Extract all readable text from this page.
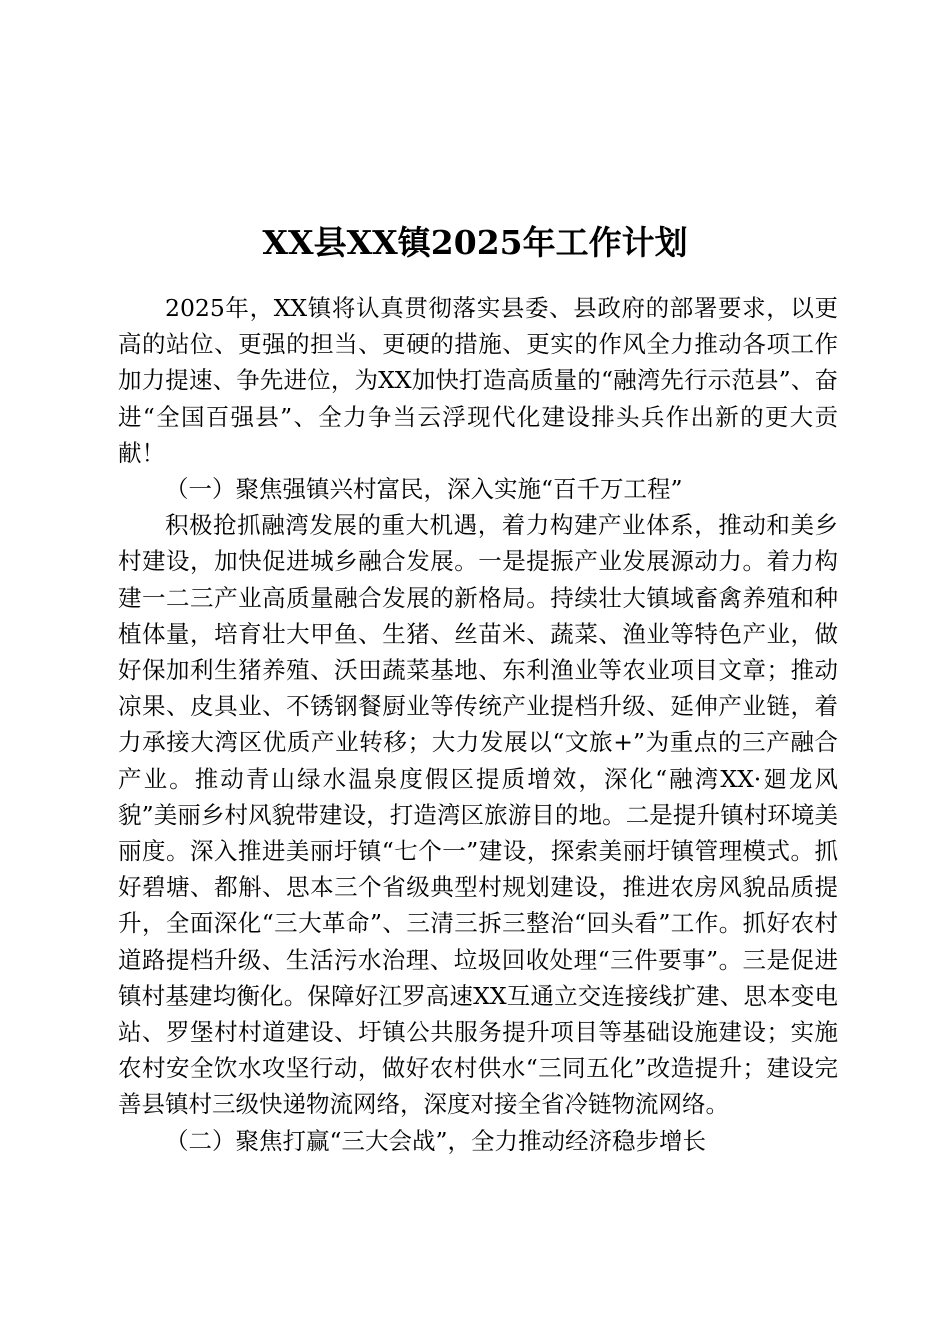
XX县XX镇2025年工作计划

2025年，XX镇将认真贯彻落实县委、县政府的部署要求，以更高的站位、更强的担当、更硬的措施、更实的作风全力推动各项工作加力提速、争先进位，为XX加快打造高质量的“融湾先行示范县”、奋进“全国百强县”、全力争当云浮现代化建设排头兵作出新的更大贡献！

（一）聚焦强镇兴村富民，深入实施“百千万工程”

积极抢抓融湾发展的重大机遇，着力构建产业体系，推动和美乡村建设，加快促进城乡融合发展。一是提振产业发展源动力。着力构建一二三产业高质量融合发展的新格局。持续壮大镇域畜禽养殖和种植体量，培育壮大甲鱼、生猪、丝苗米、蔬菜、渔业等特色产业，做好保加利生猪养殖、沃田蔬菜基地、东利渔业等农业项目文章；推动凉果、皮具业、不锈钢餐厨业等传统产业提档升级、延伸产业链，着力承接大湾区优质产业转移；大力发展以“文旅+”为重点的三产融合产业。推动青山绿水温泉度假区提质增效，深化“融湾XX·廻龙风貌”美丽乡村风貌带建设，打造湾区旅游目的地。二是提升镇村环境美丽度。深入推进美丽圩镇“七个一”建设，探索美丽圩镇管理模式。抓好碧塘、都斛、思本三个省级典型村规划建设，推进农房风貌品质提升，全面深化“三大革命”、三清三拆三整治“回头看”工作。抓好农村道路提档升级、生活污水治理、垃圾回收处理“三件要事”。三是促进镇村基建均衡化。保障好江罗高速XX互通立交连接线扩建、思本变电站、罗堡村村道建设、圩镇公共服务提升项目等基础设施建设；实施农村安全饮水攻坚行动，做好农村供水“三同五化”改造提升；建设完善县镇村三级快递物流网络，深度对接全省冷链物流网络。

（二）聚焦打赢“三大会战”，全力推动经济稳步增长
